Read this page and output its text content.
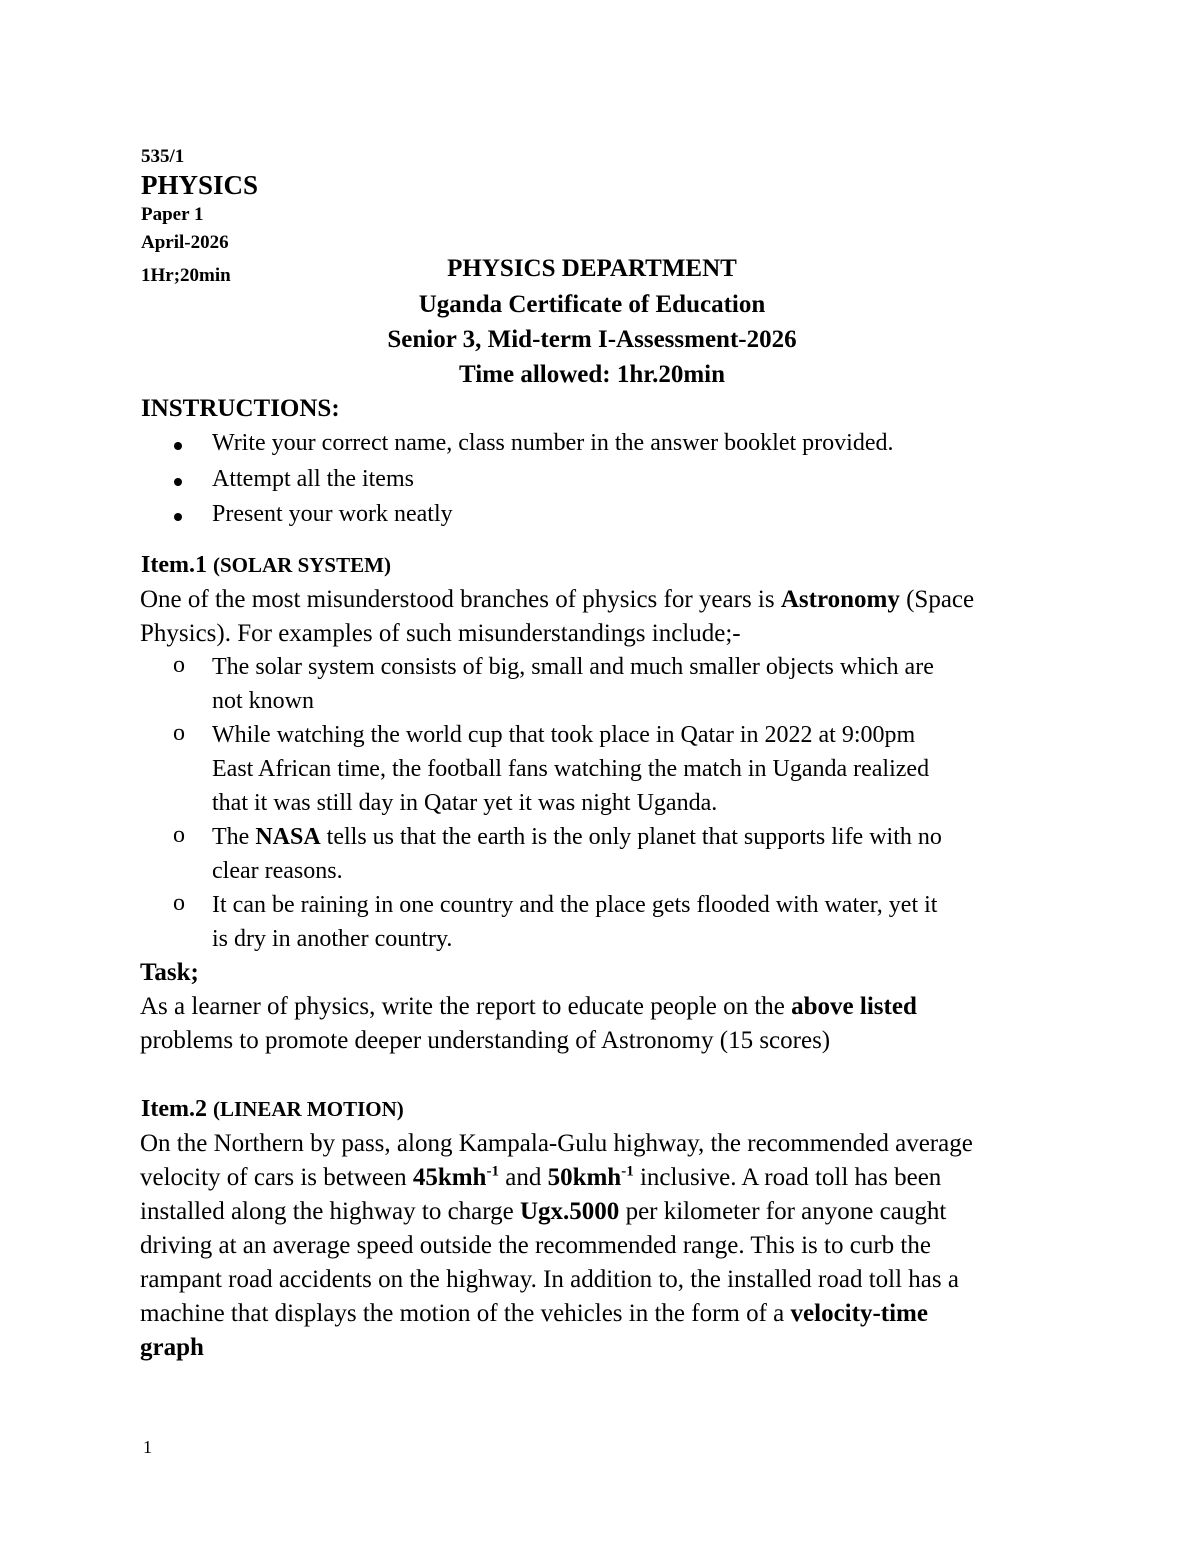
535/1
PHYSICS
Paper 1
April-2026
1Hr;20min	PHYSICS DEPARTMENT
Uganda Certificate of Education
Senior 3, Mid-term I-Assessment-2026
Time allowed: 1hr.20min
INSTRUCTIONS:
Write your correct name, class number in the answer booklet provided.
Attempt all the items
Present your work neatly
Item.1 (SOLAR SYSTEM)
One of the most misunderstood branches of physics for years is Astronomy (Space
Physics). For examples of such misunderstandings include;-
o The solar system consists of big, small and much smaller objects which are
not known
o While watching the world cup that took place in Qatar in 2022 at 9:00pm
East African time, the football fans watching the match in Uganda realized
that it was still day in Qatar yet it was night Uganda.
o The NASA tells us that the earth is the only planet that supports life with no
clear reasons.
o It can be raining in one country and the place gets flooded with water, yet it
is dry in another country.
Task;
As a learner of physics, write the report to educate people on the above listed
problems to promote deeper understanding of Astronomy (15 scores)
Item.2 (LINEAR MOTION)
On the Northern by pass, along Kampala-Gulu highway, the recommended average
velocity of cars is between 45kmh$^{-1}$ and 50kmh$^{-1}$ inclusive. A road toll has been
installed along the highway to charge Ugx.5000 per kilometer for anyone caught
driving at an average speed outside the recommended range. This is to curb the
rampant road accidents on the highway. In addition to, the installed road toll has a
machine that displays the motion of the vehicles in the form of a velocity-time
graph
1
